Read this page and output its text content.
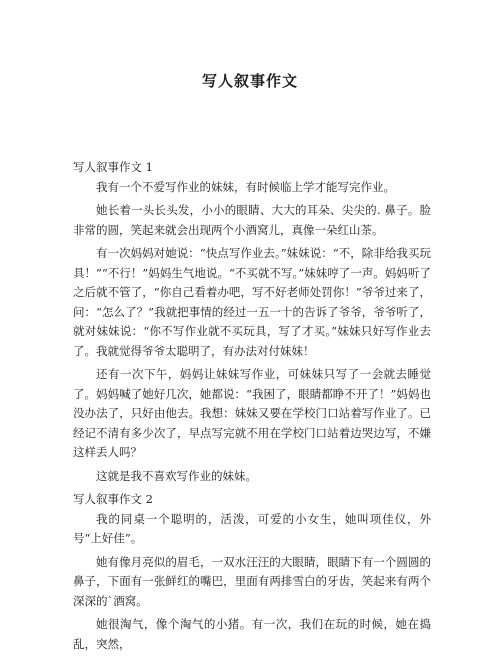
写人叙事作文

写人叙事作文 1

我有一个不爱写作业的妹妹，有时候临上学才能写完作业。

她长着一头长头发，小小的眼睛、大大的耳朵、尖尖的. 鼻子。脸非常的圆，笑起来就会出现两个小酒窝儿，真像一朵红山茶。

有一次妈妈对她说：“快点写作业去。”妹妹说：“不，除非给我买玩具！”“不行！”妈妈生气地说。“不买就不写。”妹妹哼了一声。妈妈听了之后就不管了，“你自己看着办吧，写不好老师处罚你！”爷爷过来了，问：“怎么了？”我就把事情的经过一五一十的告诉了爷爷，爷爷听了，就对妹妹说：“你不写作业就不买玩具，写了才买。”妹妹只好写作业去了。我就觉得爷爷太聪明了，有办法对付妹妹！

还有一次下午，妈妈让妹妹写作业，可妹妹只写了一会就去睡觉了。妈妈喊了她好几次，她都说：“我困了，眼睛都睁不开了！”妈妈也没办法了，只好由他去。我想：妹妹又要在学校门口站着写作业了。已经记不清有多少次了，早点写完就不用在学校门口站着边哭边写，不嫌这样丢人吗？

这就是我不喜欢写作业的妹妹。

写人叙事作文 2

我的同桌一个聪明的，活泼，可爱的小女生，她叫项佳仪，外号“上好佳”。

她有像月亮似的眉毛，一双水汪汪的大眼睛，眼睛下有一个圆圆的鼻子，下面有一张鲜红的嘴巴，里面有两排雪白的牙齿，笑起来有两个深深的`酒窝。

她很淘气，像个淘气的小猪。有一次，我们在玩的时候，她在捣乱，突然，
